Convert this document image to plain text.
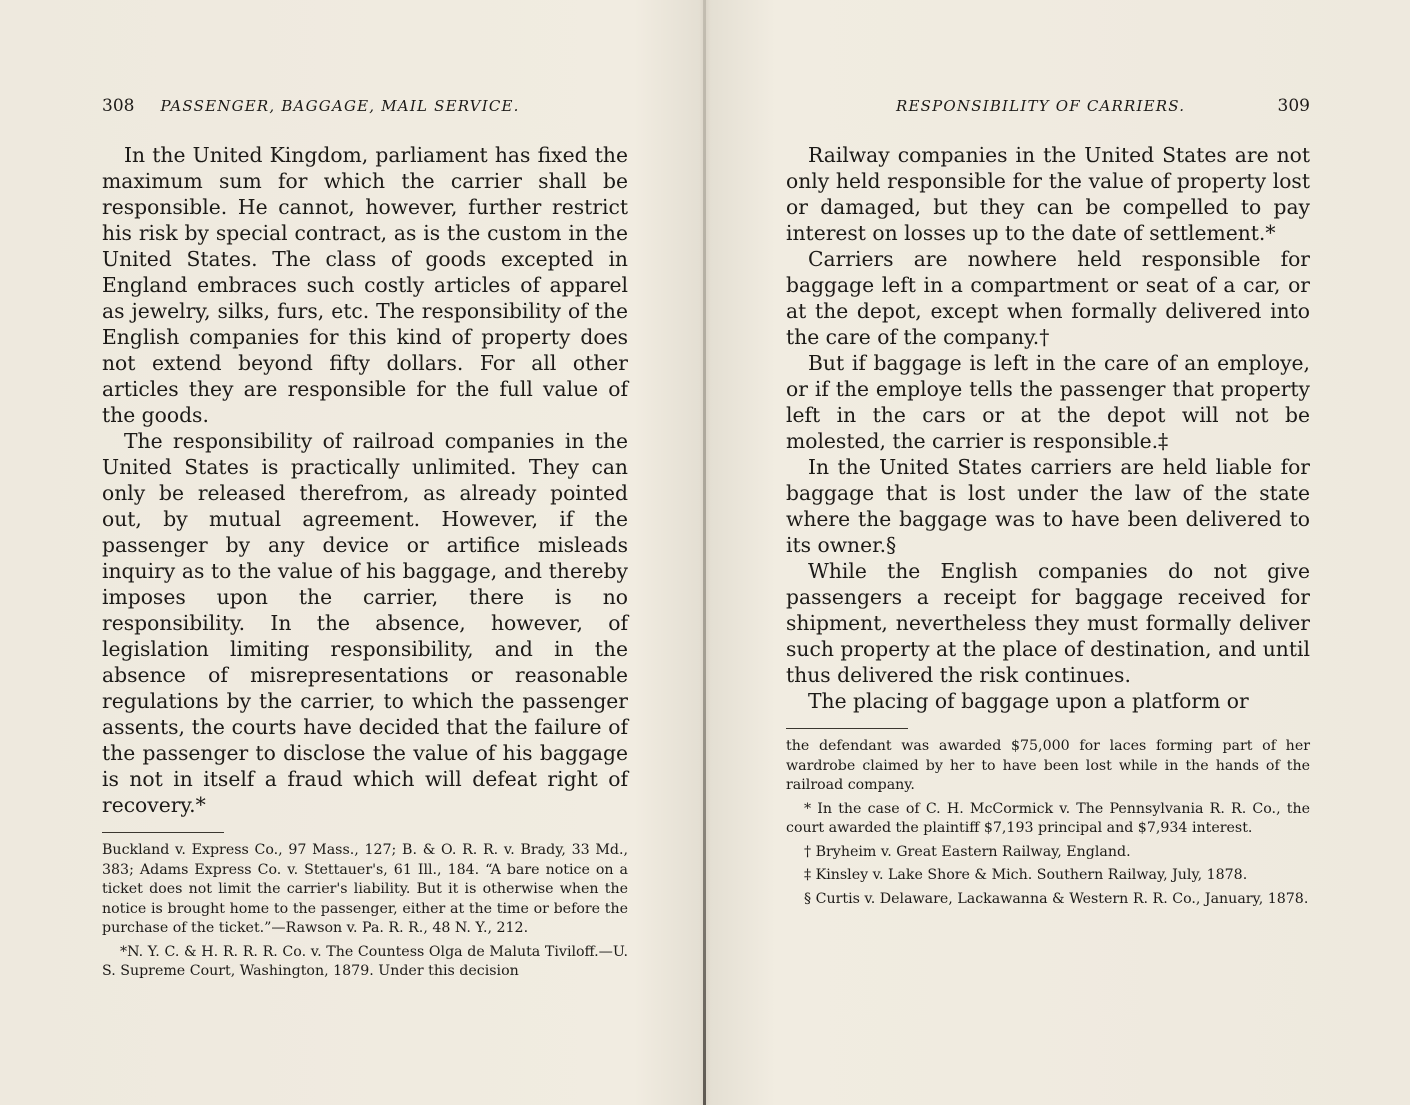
308 PASSENGER, BAGGAGE, MAIL SERVICE.

In the United Kingdom, parliament has fixed the maximum sum for which the carrier shall be responsible. He cannot, however, further restrict his risk by special contract, as is the custom in the United States. The class of goods excepted in England embraces such costly articles of apparel as jewelry, silks, furs, etc. The responsibility of the English companies for this kind of property does not extend beyond fifty dollars. For all other articles they are responsible for the full value of the goods.

The responsibility of railroad companies in the United States is practically unlimited. They can only be released therefrom, as already pointed out, by mutual agreement. However, if the passenger by any device or artifice misleads inquiry as to the value of his baggage, and thereby imposes upon the carrier, there is no responsibility. In the absence, however, of legislation limiting responsibility, and in the absence of misrepresentations or reasonable regulations by the carrier, to which the passenger assents, the courts have decided that the failure of the passenger to disclose the value of his baggage is not in itself a fraud which will defeat right of recovery.*

Buckland v. Express Co., 97 Mass., 127; B. & O. R. R. v. Brady, 33 Md., 383; Adams Express Co. v. Stettauer's, 61 Ill., 184. “A bare notice on a ticket does not limit the carrier's liability. But it is otherwise when the notice is brought home to the passenger, either at the time or before the purchase of the ticket.”—Rawson v. Pa. R. R., 48 N. Y., 212.

*N. Y. C. & H. R. R. R. Co. v. The Countess Olga de Maluta Tiviloff.—U. S. Supreme Court, Washington, 1879. Under this decision

RESPONSIBILITY OF CARRIERS.	309

Railway companies in the United States are not only held responsible for the value of property lost or damaged, but they can be compelled to pay interest on losses up to the date of settlement.*

Carriers are nowhere held responsible for baggage left in a compartment or seat of a car, or at the depot, except when formally delivered into the care of the company.†

But if baggage is left in the care of an employe, or if the employe tells the passenger that property left in the cars or at the depot will not be molested, the carrier is responsible.‡

In the United States carriers are held liable for baggage that is lost under the law of the state where the baggage was to have been delivered to its owner.§

While the English companies do not give passengers a receipt for baggage received for shipment, nevertheless they must formally deliver such property at the place of destination, and until thus delivered the risk continues.

The placing of baggage upon a platform or

the defendant was awarded $75,000 for laces forming part of her wardrobe claimed by her to have been lost while in the hands of the railroad company.

* In the case of C. H. McCormick v. The Pennsylvania R. R. Co., the court awarded the plaintiff $7,193 principal and $7,934 interest.

† Bryheim v. Great Eastern Railway, England.

‡ Kinsley v. Lake Shore & Mich. Southern Railway, July, 1878.

§ Curtis v. Delaware, Lackawanna & Western R. R. Co., January, 1878.
